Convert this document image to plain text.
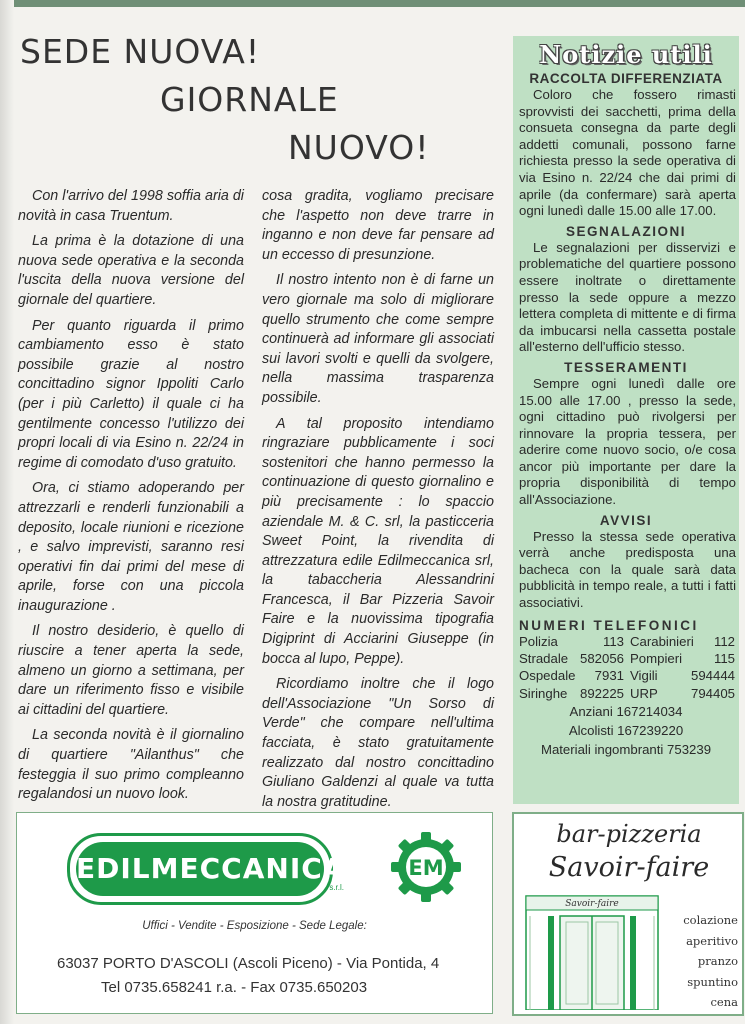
SEDE NUOVA!
GIORNALE
NUOVO!

Con l'arrivo del 1998 soffia aria di novità in casa Truentum.

La prima è la dotazione di una nuova sede operativa e la seconda l'uscita della nuova versione del giornale del quartiere.

Per quanto riguarda il primo cambiamento esso è stato possibile grazie al nostro concittadino signor Ippoliti Carlo (per i più Carletto) il quale ci ha gentilmente concesso l'utilizzo dei propri locali di via Esino n. 22/24 in regime di comodato d'uso gratuito.

Ora, ci stiamo adoperando per attrezzarli e renderli funzionabili a deposito, locale riunioni e ricezione , e salvo imprevisti, saranno resi operativi fin dai primi del mese di aprile, forse con una piccola inaugurazione .

Il nostro desiderio, è quello di riuscire a tener aperta la sede, almeno un giorno a settimana, per dare un riferimento fisso e visibile ai cittadini del quartiere.

La seconda novità è il giornalino di quartiere "Ailanthus" che festeggia il suo primo compleanno regalandosi un nuovo look.

cosa gradita, vogliamo precisare che l'aspetto non deve trarre in inganno e non deve far pensare ad un eccesso di presunzione.

Il nostro intento non è di farne un vero giornale ma solo di migliorare quello strumento che come sempre continuerà ad informare gli associati sui lavori svolti e quelli da svolgere, nella massima trasparenza possibile.

A tal proposito intendiamo ringraziare pubblicamente i soci sostenitori che hanno permesso la continuazione di questo giornalino e più precisamente : lo spaccio aziendale M. & C. srl, la pasticceria Sweet Point, la rivendita di attrezzatura edile Edilmeccanica srl, la tabaccheria Alessandrini Francesca, il Bar Pizzeria Savoir Faire e la nuovissima tipografia Digiprint di Acciarini Giuseppe (in bocca al lupo, Peppe).

Ricordiamo inoltre che il logo dell'Associazione "Un Sorso di Verde" che compare nell'ultima facciata, è stato gratuitamente realizzato dal nostro concittadino Giuliano Galdenzi al quale va tutta la nostra gratitudine.

Notizie utili
RACCOLTA DIFFERENZIATA

Coloro che fossero rimasti sprovvisti dei sacchetti, prima della consueta consegna da parte degli addetti comunali, possono farne richiesta presso la sede operativa di via Esino n. 22/24 che dai primi di aprile (da confermare) sarà aperta ogni lunedì dalle 15.00 alle 17.00.

SEGNALAZIONI

Le segnalazioni per disservizi e problematiche del quartiere possono essere inoltrate o direttamente presso la sede oppure a mezzo lettera completa di mittente e di firma da imbucarsi nella cassetta postale all'esterno dell'ufficio stesso.

TESSERAMENTI

Sempre ogni lunedì dalle ore 15.00 alle 17.00 , presso la sede, ogni cittadino può rivolgersi per rinnovare la propria tessera, per aderire come nuovo socio, o/e cosa ancor più importante per dare la propria disponibilità di tempo all'Associazione.

AVVISI

Presso la stessa sede operativa verrà anche predisposta una bacheca con la quale sarà data pubblicità in tempo reale, a tutti i fatti associativi.

NUMERI TELEFONICI
Polizia	113 Carabinieri 112
Stradale 582056 Pompieri 115
Ospedale 7931 Vigili	594444
Siringhe 892225 URP	794405
Anziani 167214034
Alcolisti 167239220
Materiali ingombranti 753239
EDILMECCANICA
s.r.l.
EM
Uffici - Vendite - Esposizione - Sede Legale:
63037 PORTO D'ASCOLI (Ascoli Piceno) - Via Pontida, 4
Tel 0735.658241 r.a. - Fax 0735.650203
bar-pizzeria
Savoir-faire
Savoir-faire
colazione
aperitivo
pranzo
spuntino
cena
